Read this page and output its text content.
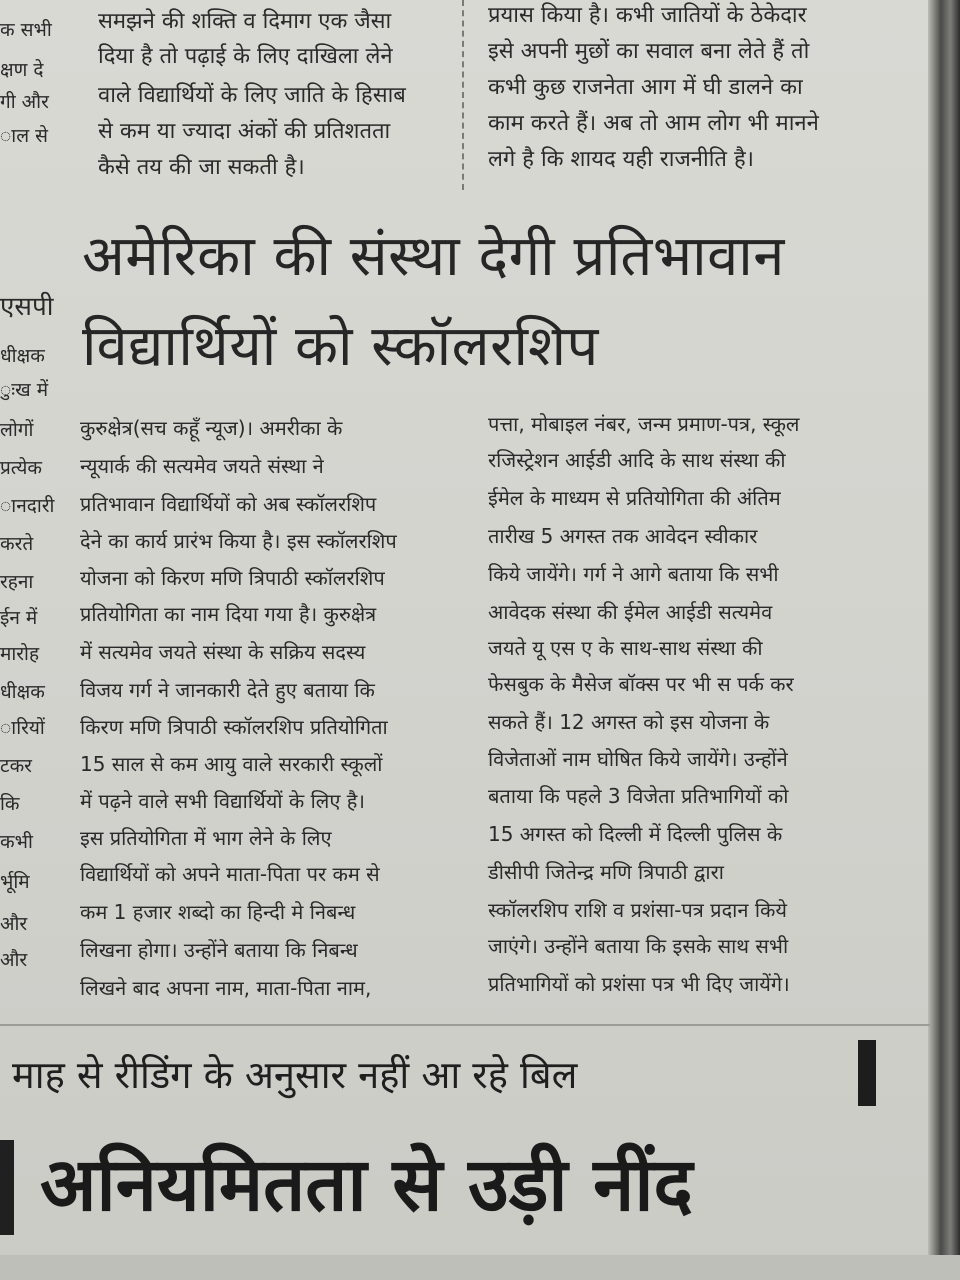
क सभी
क्षण दे
गी और
ाल से
समझने की शक्ति व दिमाग एक जैसा
दिया है तो पढ़ाई के लिए दाखिला लेने
वाले विद्यार्थियों के लिए जाति के हिसाब
से कम या ज्यादा अंकों की प्रतिशतता
कैसे तय की जा सकती है।
प्रयास किया है। कभी जातियों के ठेकेदार
इसे अपनी मुछों का सवाल बना लेते हैं तो
कभी कुछ राजनेता आग में घी डालने का
काम करते हैं। अब तो आम लोग भी मानने
लगे है कि शायद यही राजनीति है।
अमेरिका की संस्था देगी प्रतिभावान
विद्यार्थियों को स्कॉलरशिप
एसपी
धीक्षक
ुःख में
लोगों
प्रत्येक
ानदारी
करते
रहना
ईन में
मारोह
धीक्षक
ारियों
टकर
कि
कभी
र्भूमि
और
और
कुरुक्षेत्र(सच कहूँ न्यूज)। अमरीका के
न्यूयार्क की सत्यमेव जयते संस्था ने
प्रतिभावान विद्यार्थियों को अब स्कॉलरशिप
देने का कार्य प्रारंभ किया है। इस स्कॉलरशिप
योजना को किरण मणि त्रिपाठी स्कॉलरशिप
प्रतियोगिता का नाम दिया गया है। कुरुक्षेत्र
में सत्यमेव जयते संस्था के सक्रिय सदस्य
विजय गर्ग ने जानकारी देते हुए बताया कि
किरण मणि त्रिपाठी स्कॉलरशिप प्रतियोगिता
15 साल से कम आयु वाले सरकारी स्कूलों
में पढ़ने वाले सभी विद्यार्थियों के लिए है।
इस प्रतियोगिता में भाग लेने के लिए
विद्यार्थियों को अपने माता-पिता पर कम से
कम 1 हजार शब्दो का हिन्दी मे निबन्ध
लिखना होगा। उन्होंने बताया कि निबन्ध
लिखने बाद अपना नाम, माता-पिता नाम,
पत्ता, मोबाइल नंबर, जन्म प्रमाण-पत्र, स्कूल
रजिस्ट्रेशन आईडी आदि के साथ संस्था की
ईमेल के माध्यम से प्रतियोगिता की अंतिम
तारीख 5 अगस्त तक आवेदन स्वीकार
किये जायेंगे। गर्ग ने आगे बताया कि सभी
आवेदक संस्था की ईमेल आईडी सत्यमेव
जयते यू एस ए के साथ-साथ संस्था की
फेसबुक के मैसेज बॉक्स पर भी स पर्क कर
सकते हैं। 12 अगस्त को इस योजना के
विजेताओं नाम घोषित किये जायेंगे। उन्होंने
बताया कि पहले 3 विजेता प्रतिभागियों को
15 अगस्त को दिल्ली में दिल्ली पुलिस के
डीसीपी जितेन्द्र मणि त्रिपाठी द्वारा
स्कॉलरशिप राशि व प्रशंसा-पत्र प्रदान किये
जाएंगे। उन्होंने बताया कि इसके साथ सभी
प्रतिभागियों को प्रशंसा पत्र भी दिए जायेंगे।
माह से रीडिंग के अनुसार नहीं आ रहे बिल
अनियमितता से उड़ी नींद
